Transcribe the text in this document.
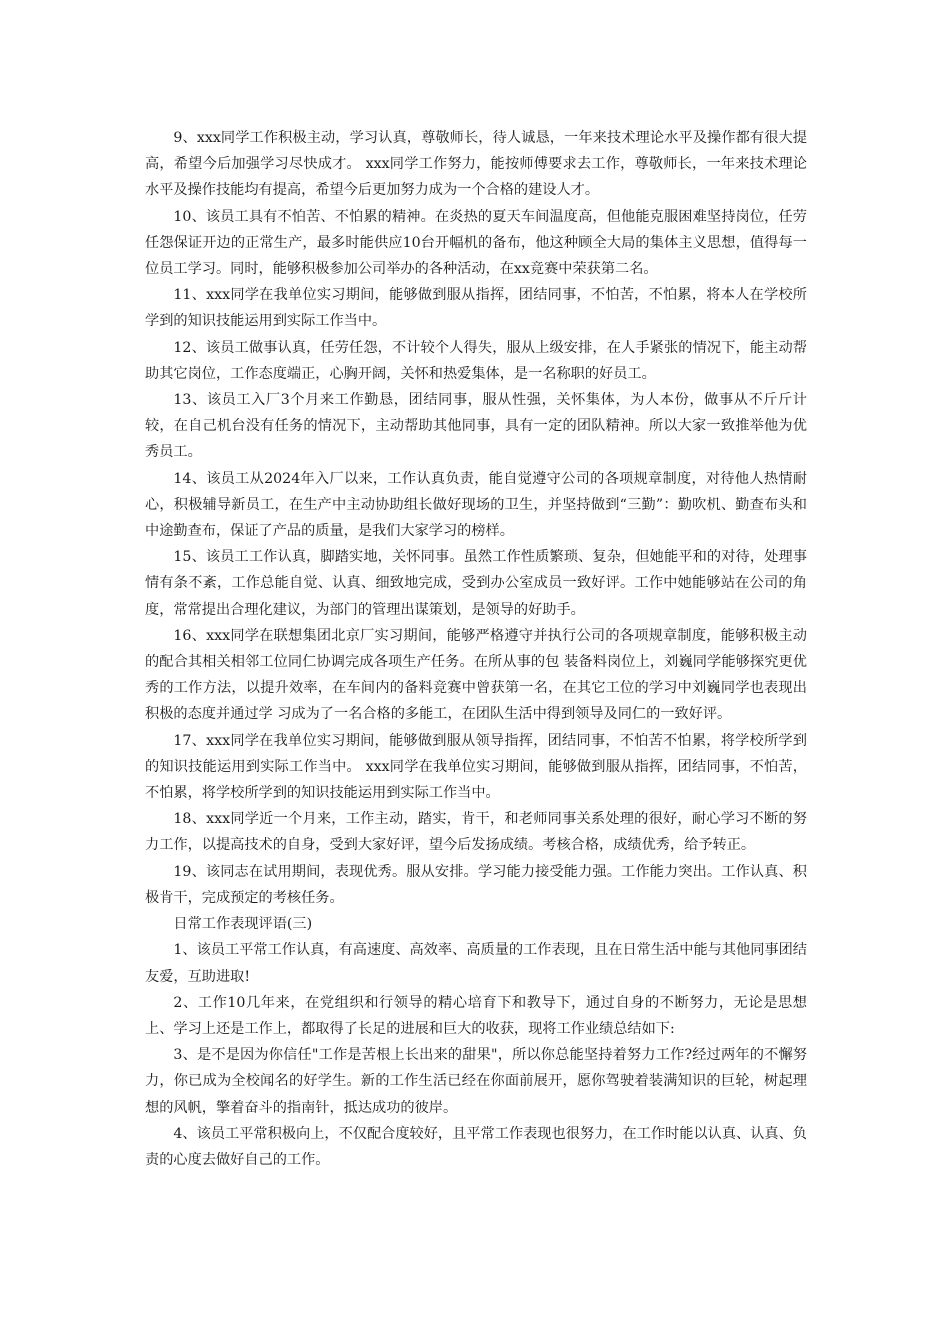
9、xxx同学工作积极主动，学习认真，尊敬师长，待人诚恳，一年来技术理论水平及操作都有很大提高，希望今后加强学习尽快成才。 xxx同学工作努力，能按师傅要求去工作，尊敬师长，一年来技术理论水平及操作技能均有提高，希望今后更加努力成为一个合格的建设人才。

10、该员工具有不怕苦、不怕累的精神。在炎热的夏天车间温度高，但他能克服困难坚持岗位，任劳任怨保证开边的正常生产，最多时能供应10台开幅机的备布，他这种顾全大局的集体主义思想，值得每一位员工学习。同时，能够积极参加公司举办的各种活动，在xx竞赛中荣获第二名。

11、xxx同学在我单位实习期间，能够做到服从指挥，团结同事，不怕苦，不怕累，将本人在学校所学到的知识技能运用到实际工作当中。

12、该员工做事认真，任劳任怨，不计较个人得失，服从上级安排，在人手紧张的情况下，能主动帮助其它岗位，工作态度端正，心胸开阔，关怀和热爱集体，是一名称职的好员工。

13、该员工入厂3个月来工作勤恳，团结同事，服从性强，关怀集体，为人本份，做事从不斤斤计较，在自己机台没有任务的情况下，主动帮助其他同事，具有一定的团队精神。所以大家一致推举他为优秀员工。

14、该员工从2024年入厂以来，工作认真负责，能自觉遵守公司的各项规章制度，对待他人热情耐心，积极辅导新员工，在生产中主动协助组长做好现场的卫生，并坚持做到“三勤”：勤吹机、勤查布头和中途勤查布，保证了产品的质量，是我们大家学习的榜样。

15、该员工工作认真，脚踏实地，关怀同事。虽然工作性质繁琐、复杂，但她能平和的对待，处理事情有条不紊，工作总能自觉、认真、细致地完成，受到办公室成员一致好评。工作中她能够站在公司的角度，常常提出合理化建议，为部门的管理出谋策划，是领导的好助手。

16、xxx同学在联想集团北京厂实习期间，能够严格遵守并执行公司的各项规章制度，能够积极主动的配合其相关相邻工位同仁协调完成各项生产任务。在所从事的包 装备料岗位上，刘巍同学能够探究更优秀的工作方法，以提升效率，在车间内的备料竞赛中曾获第一名，在其它工位的学习中刘巍同学也表现出积极的态度并通过学 习成为了一名合格的多能工，在团队生活中得到领导及同仁的一致好评。

17、xxx同学在我单位实习期间，能够做到服从领导指挥，团结同事，不怕苦不怕累，将学校所学到的知识技能运用到实际工作当中。 xxx同学在我单位实习期间，能够做到服从指挥，团结同事，不怕苦，不怕累，将学校所学到的知识技能运用到实际工作当中。

18、xxx同学近一个月来，工作主动，踏实，肯干，和老师同事关系处理的很好，耐心学习不断的努力工作，以提高技术的自身，受到大家好评，望今后发扬成绩。考核合格，成绩优秀，给予转正。

19、该同志在试用期间，表现优秀。服从安排。学习能力接受能力强。工作能力突出。工作认真、积极肯干，完成预定的考核任务。

日常工作表现评语(三)

1、该员工平常工作认真，有高速度、高效率、高质量的工作表现，且在日常生活中能与其他同事团结友爱，互助进取!

2、工作10几年来，在党组织和行领导的精心培育下和教导下，通过自身的不断努力，无论是思想上、学习上还是工作上，都取得了长足的进展和巨大的收获，现将工作业绩总结如下:

3、是不是因为你信任"工作是苦根上长出来的甜果"，所以你总能坚持着努力工作?经过两年的不懈努力，你已成为全校闻名的好学生。新的工作生活已经在你面前展开，愿你驾驶着装满知识的巨轮，树起理想的风帆，擎着奋斗的指南针，抵达成功的彼岸。

4、该员工平常积极向上，不仅配合度较好，且平常工作表现也很努力，在工作时能以认真、认真、负责的心度去做好自己的工作。
